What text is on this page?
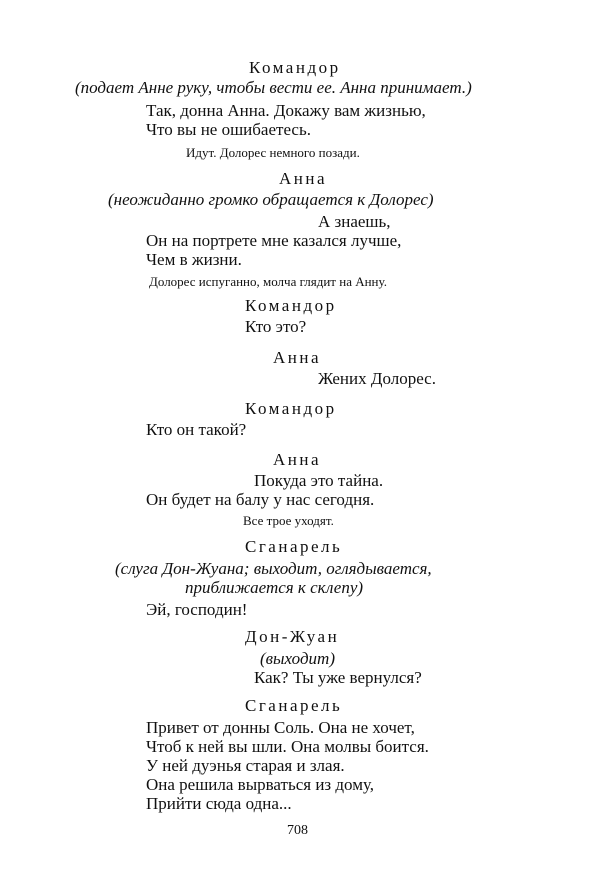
Командор
(подает Анне руку, чтобы вести ее. Анна принимает.)
Так, донна Анна. Докажу вам жизнью,
Что вы не ошибаетесь.
Идут. Долорес немного позади.
Анна
(неожиданно громко обращается к Долорес)
А знаешь,
Он на портрете мне казался лучше,
Чем в жизни.
Долорес испуганно, молча глядит на Анну.
Командор
Кто это?
Анна
Жених Долорес.
Командор
Кто он такой?
Анна
Покуда это тайна.
Он будет на балу у нас сегодня.
Все трое уходят.
Сганарель
(слуга Дон-Жуана; выходит, оглядывается,
приближается к склепу)
Эй, господин!
Дон-Жуан
(выходит)
Как? Ты уже вернулся?
Сганарель
Привет от донны Соль. Она не хочет,
Чтоб к ней вы шли. Она молвы боится.
У ней дуэнья старая и злая.
Она решила вырваться из дому,
Прийти сюда одна...
708
